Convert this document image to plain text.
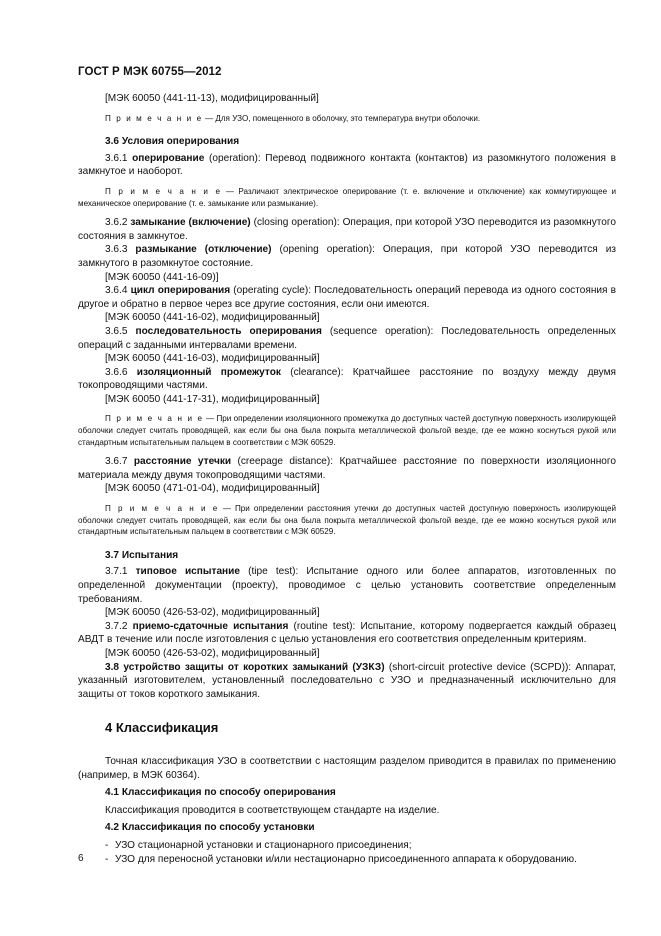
ГОСТ Р МЭК 60755—2012

[МЭК 60050 (441-11-13), модифицированный]

П р и м е ч а н и е — Для УЗО, помещенного в оболочку, это температура внутри оболочки.

3.6 Условия оперирования

3.6.1 оперирование (operation): Перевод подвижного контакта (контактов) из разомкнутого положения в замкнутое и наоборот.

П р и м е ч а н и е — Различают электрическое оперирование (т. е. включение и отключение) как коммутирующее и механическое оперирование (т. е. замыкание или размыкание).

3.6.2 замыкание (включение) (closing operation): Операция, при которой УЗО переводится из разомкнутого состояния в замкнутое.

3.6.3 размыкание (отключение) (opening operation): Операция, при которой УЗО переводится из замкнутого в разомкнутое состояние.

[МЭК 60050 (441-16-09)]

3.6.4 цикл оперирования (operating cycle): Последовательность операций перевода из одного состояния в другое и обратно в первое через все другие состояния, если они имеются.

[МЭК 60050 (441-16-02), модифицированный]

3.6.5 последовательность оперирования (sequence operation): Последовательность определенных операций с заданными интервалами времени.

[МЭК 60050 (441-16-03), модифицированный]

3.6.6 изоляционный промежуток (clearance): Кратчайшее расстояние по воздуху между двумя токопроводящими частями.

[МЭК 60050 (441-17-31), модифицированный]

П р и м е ч а н и е — При определении изоляционного промежутка до доступных частей доступную поверхность изолирующей оболочки следует считать проводящей, как если бы она была покрыта металлической фольгой везде, где ее можно коснуться рукой или стандартным испытательным пальцем в соответствии с МЭК 60529.

3.6.7 расстояние утечки (creepage distance): Кратчайшее расстояние по поверхности изоляционного материала между двумя токопроводящими частями.

[МЭК 60050 (471-01-04), модифицированный]

П р и м е ч а н и е — При определении расстояния утечки до доступных частей доступную поверхность изолирующей оболочки следует считать проводящей, как если бы она была покрыта металлической фольгой везде, где ее можно коснуться рукой или стандартным испытательным пальцем в соответствии с МЭК 60529.

3.7 Испытания

3.7.1 типовое испытание (tipe test): Испытание одного или более аппаратов, изготовленных по определенной документации (проекту), проводимое с целью установить соответствие определенным требованиям.

[МЭК 60050 (426-53-02), модифицированный]

3.7.2 приемо-сдаточные испытания (routine test): Испытание, которому подвергается каждый образец АВДТ в течение или после изготовления с целью установления его соответствия определенным критериям.

[МЭК 60050 (426-53-02), модифицированный]

3.8 устройство защиты от коротких замыканий (УЗКЗ) (short-circuit protective device (SCPD)): Аппарат, указанный изготовителем, установленный последовательно с УЗО и предназначенный исключительно для защиты от токов короткого замыкания.

4 Классификация

Точная классификация УЗО в соответствии с настоящим разделом приводится в правилах по применению (например, в МЭК 60364).

4.1 Классификация по способу оперирования

Классификация проводится в соответствующем стандарте на изделие.

4.2 Классификация по способу установки

- УЗО стационарной установки и стационарного присоединения;
- УЗО для переносной установки и/или нестационарно присоединенного аппарата к оборудованию.
6
